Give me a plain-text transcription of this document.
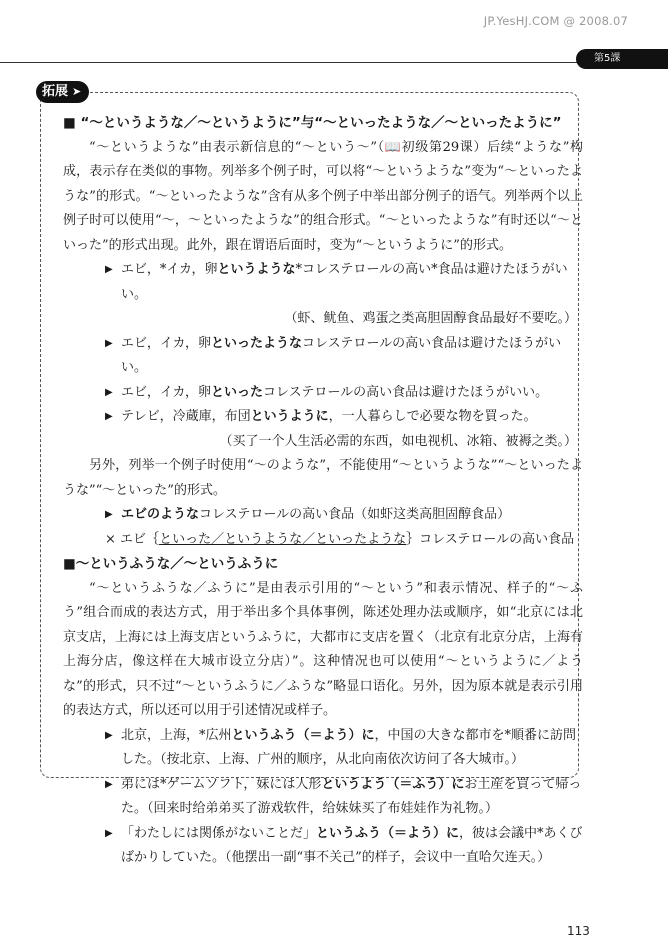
JP.YesHJ.COM @ 2008.07
第5課
拓展 ➤

■ “～というような／～というように”与“～といったような／～といったように”

“～というような”由表示新信息的“～という～”（📖初级第29课）后续“ような”构成，表示存在类似的事物。列举多个例子时，可以将“～というような”变为“～といったような”的形式。“～といったような”含有从多个例子中举出部分例子的语气。列举两个以上例子时可以使用“～，～といったような”的组合形式。“～といったような”有时还以“～といった”的形式出现。此外，跟在谓语后面时，变为“～というように”的形式。

▶ エビ，*イカ，卵というような*コレステロールの高い*食品は避けたほうがいい。

（虾、鱿鱼、鸡蛋之类高胆固醇食品最好不要吃。）

▶ エビ，イカ，卵といったようなコレステロールの高い食品は避けたほうがいい。
▶ エビ，イカ，卵といったコレステロールの高い食品は避けたほうがいい。
▶ テレビ，冷蔵庫，布団というように，一人暮らしで必要な物を買った。

（买了一个人生活必需的东西，如电视机、冰箱、被褥之类。）

另外，列举一个例子时使用“～のような”，不能使用“～というような”“～といったような”“～といった”的形式。

▶ エビのようなコレステロールの高い食品（如虾这类高胆固醇食品）

× エビ｛といった／というような／といったような｝コレステロールの高い食品

■～というふうな／～というふうに

“～というふうな／ふうに”是由表示引用的“～という”和表示情况、样子的“～ふう”组合而成的表达方式，用于举出多个具体事例，陈述处理办法或顺序，如“北京には北京支店，上海には上海支店というふうに，大都市に支店を置く（北京有北京分店，上海有上海分店，像这样在大城市设立分店）”。这种情况也可以使用“～というように／ような”的形式，只不过“～というふうに／ふうな”略显口语化。另外，因为原本就是表示引用的表达方式，所以还可以用于引述情况或样子。

▶ 北京，上海，*広州というふう（＝よう）に，中国の大きな都市を*順番に訪問した。（按北京、上海、广州的顺序，从北向南依次访问了各大城市。）
▶ 弟には*ゲームソフト，妹には人形というよう（＝ふう）にお土産を買って帰った。（回来时给弟弟买了游戏软件，给妹妹买了布娃娃作为礼物。）
▶ 「わたしには関係がないことだ」というふう（＝よう）に，彼は会議中*あくびばかりしていた。（他摆出一副“事不关己”的样子，会议中一直哈欠连天。）
113
